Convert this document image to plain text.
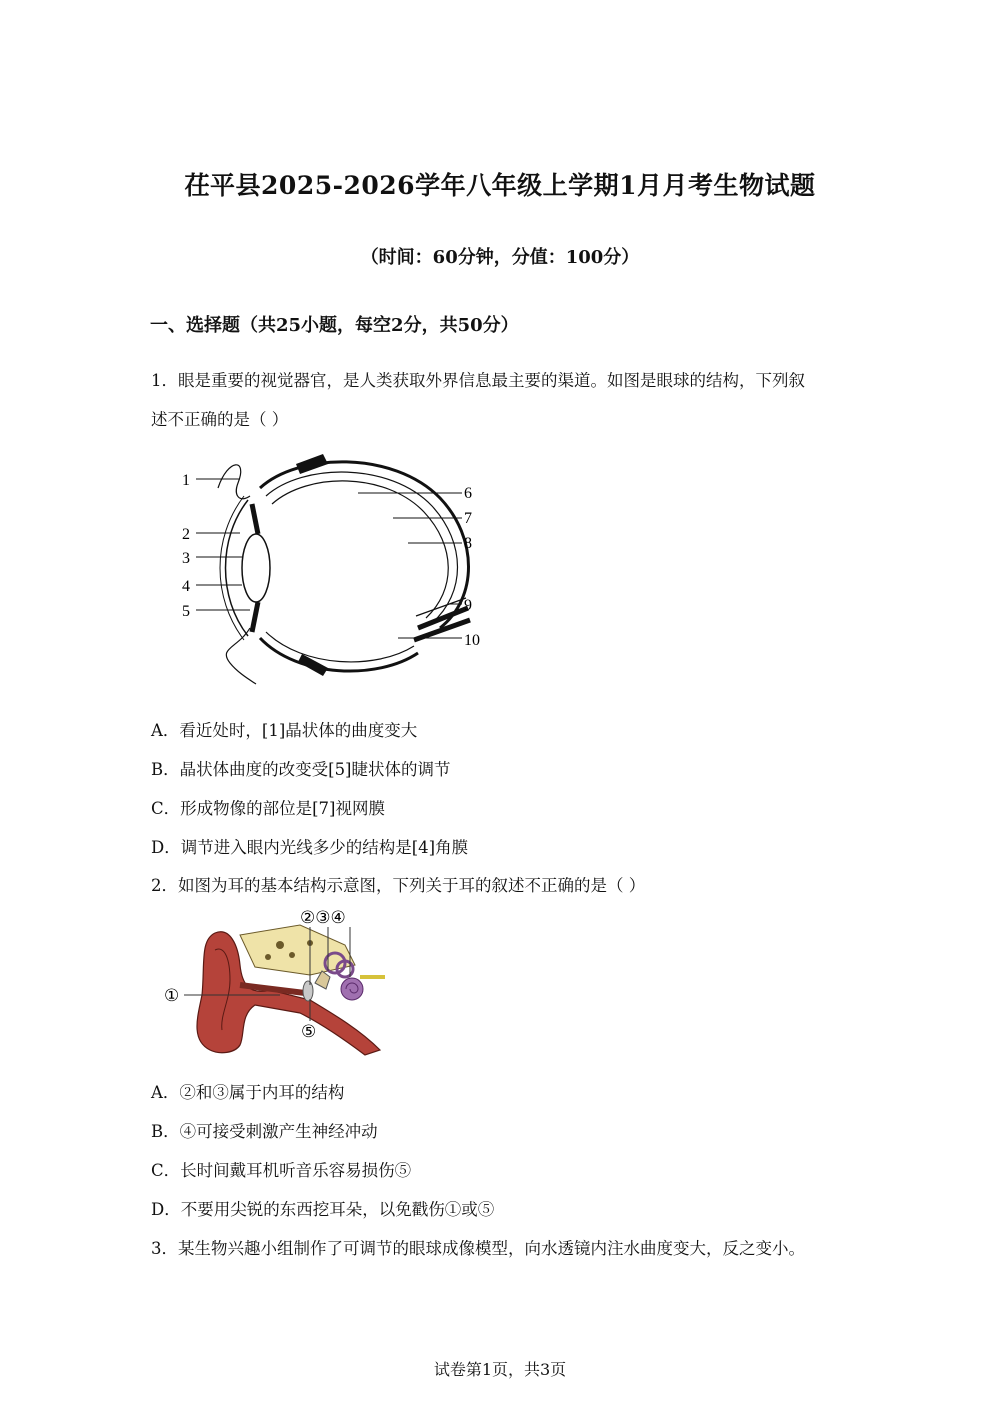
茌平县2025-2026学年八年级上学期1月月考生物试题
（时间：60分钟，分值：100分）
一、选择题（共25小题，每空2分，共50分）
1．眼是重要的视觉器官，是人类获取外界信息最主要的渠道。如图是眼球的结构，下列叙
述不正确的是（ ）
1
2
3
4
5
6
7
8
9
10
A．看近处时，[1]晶状体的曲度变大
B．晶状体曲度的改变受[5]睫状体的调节
C．形成物像的部位是[7]视网膜
D．调节进入眼内光线多少的结构是[4]角膜
2．如图为耳的基本结构示意图，下列关于耳的叙述不正确的是（ ）
②③④
①
⑤
A．②和③属于内耳的结构
B．④可接受刺激产生神经冲动
C．长时间戴耳机听音乐容易损伤⑤
D．不要用尖锐的东西挖耳朵，以免戳伤①或⑤
3．某生物兴趣小组制作了可调节的眼球成像模型，向水透镜内注水曲度变大，反之变小。
试卷第1页，共3页
